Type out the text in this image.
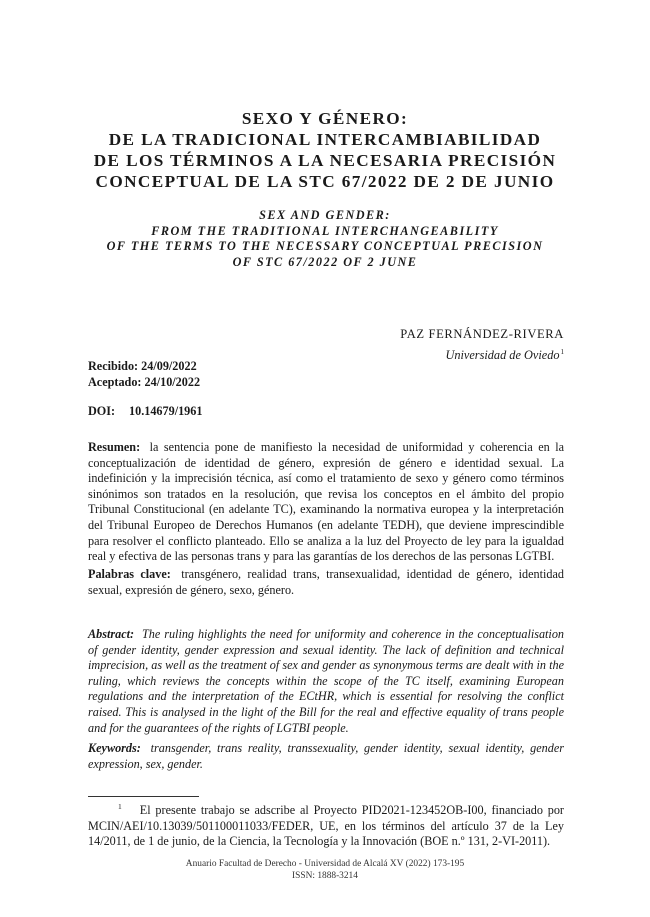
SEXO Y GÉNERO:
DE LA TRADICIONAL INTERCAMBIABILIDAD
DE LOS TÉRMINOS A LA NECESARIA PRECISIÓN
CONCEPTUAL DE LA STC 67/2022 DE 2 DE JUNIO
SEX AND GENDER:
FROM THE TRADITIONAL INTERCHANGEABILITY
OF THE TERMS TO THE NECESSARY CONCEPTUAL PRECISION
OF STC 67/2022 OF 2 JUNE
PAZ FERNÁNDEZ-RIVERA
Universidad de Oviedo$^1$
Recibido: 24/09/2022
Aceptado: 24/10/2022
DOI: 10.14679/1961
Resumen: la sentencia pone de manifiesto la necesidad de uniformidad y coherencia en la conceptualización de identidad de género, expresión de género e identidad sexual. La indefinición y la imprecisión técnica, así como el tratamiento de sexo y género como términos sinónimos son tratados en la resolución, que revisa los conceptos en el ámbito del propio Tribunal Constitucional (en adelante TC), examinando la normativa europea y la interpretación del Tribunal Europeo de Derechos Humanos (en adelante TEDH), que deviene imprescindible para resolver el conflicto planteado. Ello se analiza a la luz del Proyecto de ley para la igualdad real y efectiva de las personas trans y para las garantías de los derechos de las personas LGTBI.
Palabras clave: transgénero, realidad trans, transexualidad, identidad de género, identidad sexual, expresión de género, sexo, género.
Abstract: The ruling highlights the need for uniformity and coherence in the conceptualisation of gender identity, gender expression and sexual identity. The lack of definition and technical imprecision, as well as the treatment of sex and gender as synonymous terms are dealt with in the ruling, which reviews the concepts within the scope of the TC itself, examining European regulations and the interpretation of the ECtHR, which is essential for resolving the conflict raised. This is analysed in the light of the Bill for the real and effective equality of trans people and for the guarantees of the rights of LGTBI people.
Keywords: transgender, trans reality, transsexuality, gender identity, sexual identity, gender expression, sex, gender.
$^1$ El presente trabajo se adscribe al Proyecto PID2021-123452OB-I00, financiado por MCIN/AEI/10.13039/501100011033/FEDER, UE, en los términos del artículo 37 de la Ley 14/2011, de 1 de junio, de la Ciencia, la Tecnología y la Innovación (BOE n.º 131, 2-VI-2011).
Anuario Facultad de Derecho - Universidad de Alcalá XV (2022) 173-195
ISSN: 1888-3214
